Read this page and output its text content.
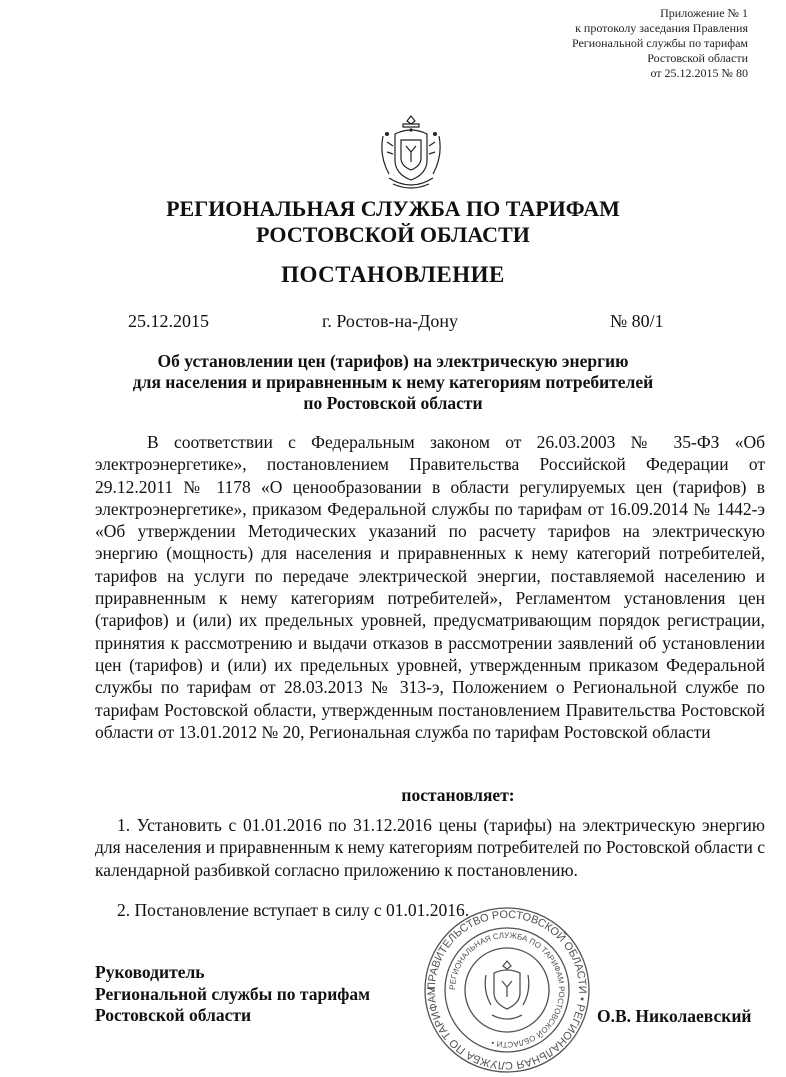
Приложение № 1
к протоколу заседания Правления
Региональной службы по тарифам
Ростовской области
от 25.12.2015 № 80
РЕГИОНАЛЬНАЯ СЛУЖБА ПО ТАРИФАМ
РОСТОВСКОЙ ОБЛАСТИ
ПОСТАНОВЛЕНИЕ
25.12.2015	г. Ростов-на-Дону	№ 80/1
Об установлении цен (тарифов) на электрическую энергию
для населения и приравненным к нему категориям потребителей
по Ростовской области
В соответствии с Федеральным законом от 26.03.2003 № 35-ФЗ «Об электроэнергетике», постановлением Правительства Российской Федерации от 29.12.2011 № 1178 «О ценообразовании в области регулируемых цен (тарифов) в электроэнергетике», приказом Федеральной службы по тарифам от 16.09.2014 № 1442-э «Об утверждении Методических указаний по расчету тарифов на электрическую энергию (мощность) для населения и приравненных к нему категорий потребителей, тарифов на услуги по передаче электрической энергии, поставляемой населению и приравненным к нему категориям потребителей», Регламентом установления цен (тарифов) и (или) их предельных уровней, предусматривающим порядок регистрации, принятия к рассмотрению и выдачи отказов в рассмотрении заявлений об установлении цен (тарифов) и (или) их предельных уровней, утвержденным приказом Федеральной службы по тарифам от 28.03.2013 № 313-э, Положением о Региональной службе по тарифам Ростовской области, утвержденным постановлением Правительства Ростовской области от 13.01.2012 № 20, Региональная служба по тарифам Ростовской области
постановляет:
1. Установить с 01.01.2016 по 31.12.2016 цены (тарифы) на электрическую энергию для населения и приравненным к нему категориям потребителей по Ростовской области с календарной разбивкой согласно приложению к постановлению.
2. Постановление вступает в силу с 01.01.2016.
Руководитель
Региональной службы по тарифам
Ростовской области
ПРАВИТЕЛЬСТВО РОСТОВСКОЙ ОБЛАСТИ • РЕГИОНАЛЬНАЯ СЛУЖБА ПО ТАРИФАМ	РЕГИОНАЛЬНАЯ СЛУЖБА ПО ТАРИФАМ РОСТОВСКОЙ ОБЛАСТИ •
О.В. Николаевский
